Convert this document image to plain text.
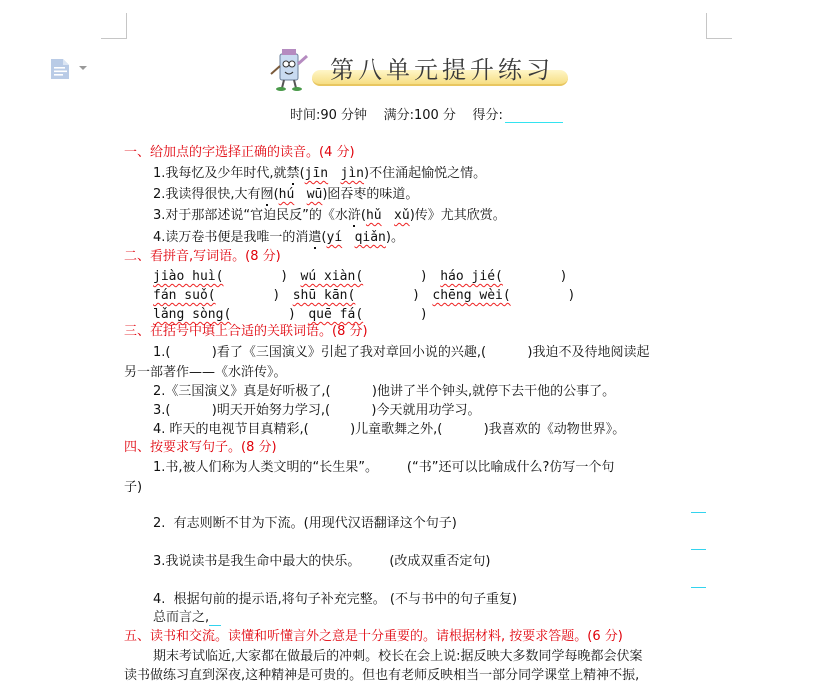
第八单元提升练习
时间:90 分钟 满分:100 分 得分:
一、给加点的字选择正确的读音。(4 分)
1.我每忆及少年时代,就禁(jīn jìn)不住涌起愉悦之情。
2.我读得很快,大有囫(hú wū)囵吞枣的味道。
3.对于那部述说“官迫民反”的《水浒(hǔ xǔ)传》尤其欣赏。
4.读万卷书便是我唯一的消遣(yí qiǎn)。
二、看拼音,写词语。(8 分)
jiào huì(	) wú xiàn(	) háo jié(	)
fán suǒ(	) shū kān(	) chēng wèi(	)
lǎng sòng(	) quē fá(	)
三、在括号中填上合适的关联词语。(8 分)
1.(          )看了《三国演义》引起了我对章回小说的兴趣,(          )我迫不及待地阅读起
另一部著作——《水浒传》。
2.《三国演义》真是好听极了,(          )他讲了半个钟头,就停下去干他的公事了。
3.(          )明天开始努力学习,(          )今天就用功学习。
4. 昨天的电视节目真精彩,(          )儿童歌舞之外,(          )我喜欢的《动物世界》。
四、按要求写句子。(8 分)
1.书,被人们称为人类文明的“长生果”。       (“书”还可以比喻成什么?仿写一个句
子)
2.  有志则断不甘为下流。(用现代汉语翻译这个句子)
3.我说读书是我生命中最大的快乐。       (改成双重否定句)
4.  根据句前的提示语,将句子补充完整。 (不与书中的句子重复)
总而言之,
五、读书和交流。读懂和听懂言外之意是十分重要的。请根据材料, 按要求答题。(6 分)
期末考试临近,大家都在做最后的冲刺。校长在会上说:据反映大多数同学每晚都会伏案
读书做练习直到深夜,这种精神是可贵的。但也有老师反映相当一部分同学课堂上精神不振,
